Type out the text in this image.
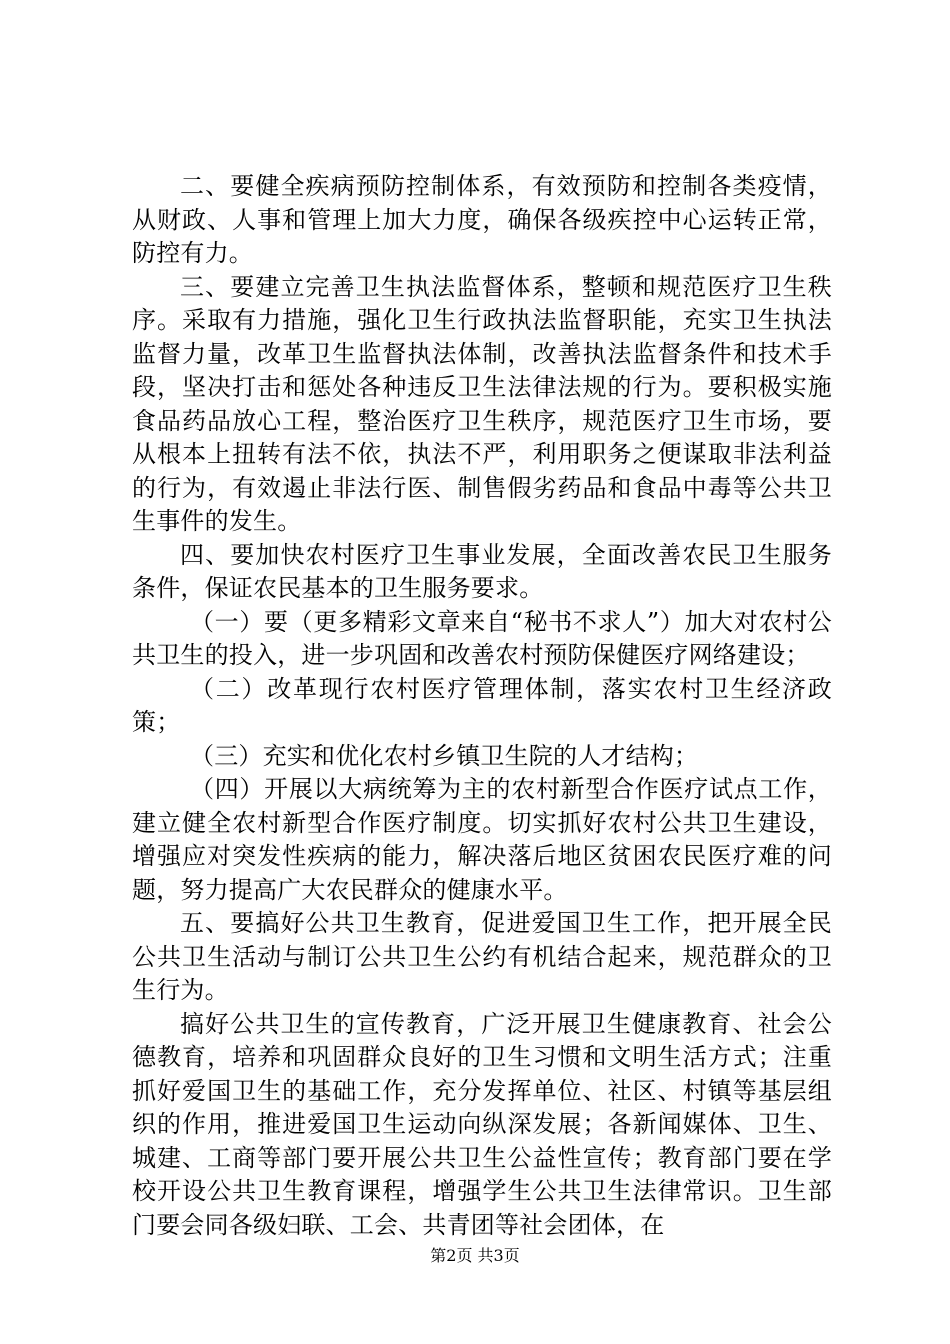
二、要健全疾病预防控制体系，有效预防和控制各类疫情，从财政、人事和管理上加大力度，确保各级疾控中心运转正常，防控有力。

三、要建立完善卫生执法监督体系，整顿和规范医疗卫生秩序。采取有力措施，强化卫生行政执法监督职能，充实卫生执法监督力量，改革卫生监督执法体制，改善执法监督条件和技术手段，坚决打击和惩处各种违反卫生法律法规的行为。要积极实施食品药品放心工程，整治医疗卫生秩序，规范医疗卫生市场，要从根本上扭转有法不依，执法不严，利用职务之便谋取非法利益的行为，有效遏止非法行医、制售假劣药品和食品中毒等公共卫生事件的发生。

四、要加快农村医疗卫生事业发展，全面改善农民卫生服务条件，保证农民基本的卫生服务要求。

（一）要（更多精彩文章来自“秘书不求人”）加大对农村公共卫生的投入，进一步巩固和改善农村预防保健医疗网络建设；

（二）改革现行农村医疗管理体制，落实农村卫生经济政策；

（三）充实和优化农村乡镇卫生院的人才结构；

（四）开展以大病统筹为主的农村新型合作医疗试点工作，建立健全农村新型合作医疗制度。切实抓好农村公共卫生建设，增强应对突发性疾病的能力，解决落后地区贫困农民医疗难的问题，努力提高广大农民群众的健康水平。

五、要搞好公共卫生教育，促进爱国卫生工作，把开展全民公共卫生活动与制订公共卫生公约有机结合起来，规范群众的卫生行为。

搞好公共卫生的宣传教育，广泛开展卫生健康教育、社会公德教育，培养和巩固群众良好的卫生习惯和文明生活方式；注重抓好爱国卫生的基础工作，充分发挥单位、社区、村镇等基层组织的作用，推进爱国卫生运动向纵深发展；各新闻媒体、卫生、城建、工商等部门要开展公共卫生公益性宣传；教育部门要在学校开设公共卫生教育课程，增强学生公共卫生法律常识。卫生部门要会同各级妇联、工会、共青团等社会团体，在

第2页 共3页
